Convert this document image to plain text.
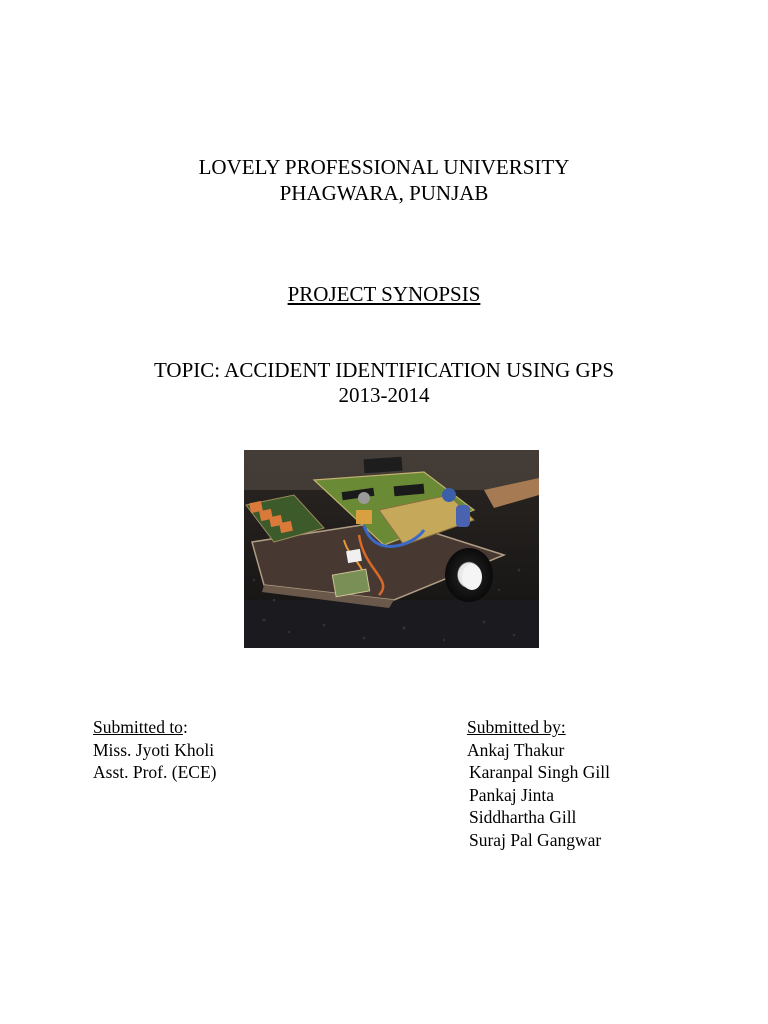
LOVELY PROFESSIONAL UNIVERSITY
PHAGWARA, PUNJAB
PROJECT SYNOPSIS
TOPIC: ACCIDENT IDENTIFICATION USING GPS
2013-2014
Submitted to:
Miss. Jyoti Kholi
Asst. Prof. (ECE)
Submitted by:
Ankaj Thakur
Karanpal Singh Gill
Pankaj Jinta
Siddhartha Gill
Suraj Pal Gangwar
